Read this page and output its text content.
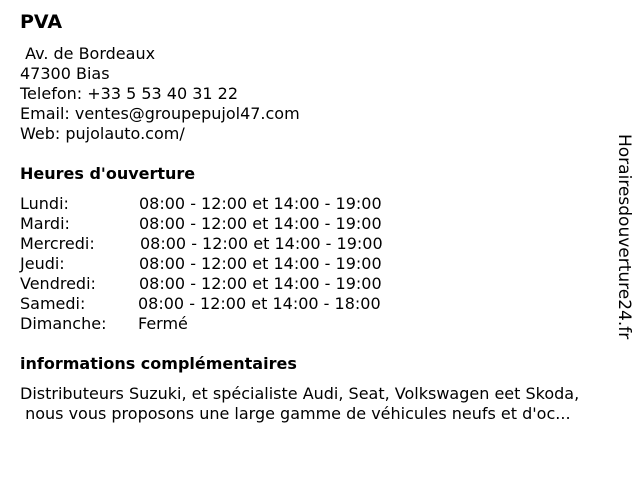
PVA
Av. de Bordeaux
47300 Bias
Telefon: +33 5 53 40 31 22
Email: ventes@groupepujol47.com
Web: pujolauto.com/
Heures d'ouverture
Lundi:	08:00 - 12:00 et 14:00 - 19:00
Mardi:	08:00 - 12:00 et 14:00 - 19:00
Mercredi:	08:00 - 12:00 et 14:00 - 19:00
Jeudi:	08:00 - 12:00 et 14:00 - 19:00
Vendredi:	08:00 - 12:00 et 14:00 - 19:00
Samedi:	08:00 - 12:00 et 14:00 - 18:00
Dimanche: Fermé
informations complémentaires
Distributeurs Suzuki, et spécialiste Audi, Seat, Volkswagen eet Skoda,
nous vous proposons une large gamme de véhicules neufs et d'oc...
Horairesdouverture24.fr
